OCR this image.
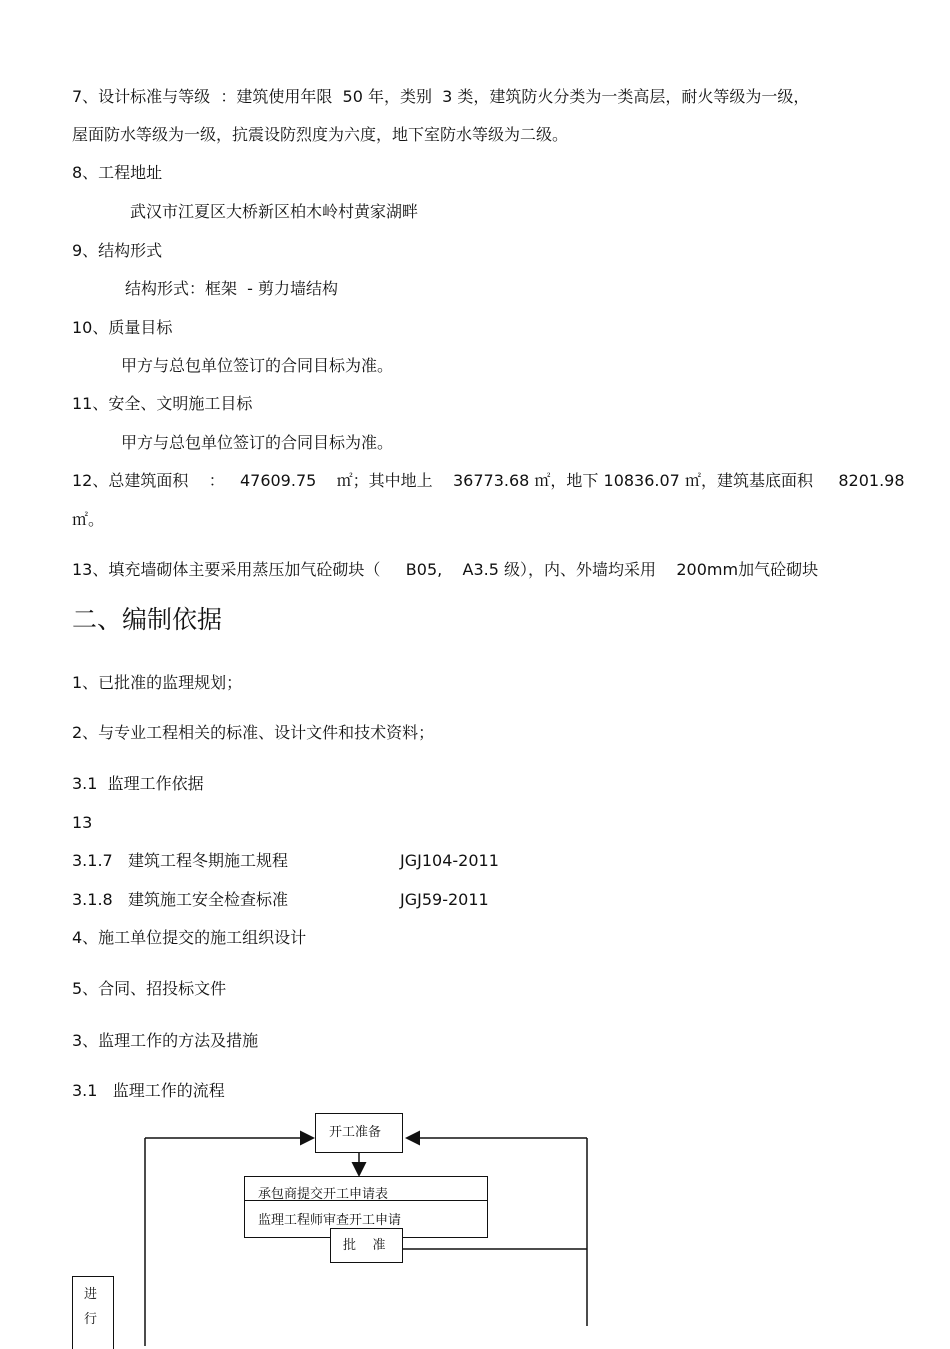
7、设计标准与等级  ：建筑使用年限  50 年，类别  3 类，建筑防火分类为一类高层，耐火等级为一级，
屋面防水等级为一级，抗震设防烈度为六度，地下室防水等级为二级。
8、工程地址
武汉市江夏区大桥新区柏木岭村黄家湖畔
9、结构形式
结构形式：框架  - 剪力墙结构
10、质量目标
甲方与总包单位签订的合同目标为准。
11、安全、文明施工目标
甲方与总包单位签订的合同目标为准。
12、总建筑面积    ：   47609.75    ㎡；其中地上    36773.68 ㎡，地下 10836.07 ㎡，建筑基底面积     8201.98
㎡。
13、填充墙砌体主要采用蒸压加气砼砌块（     B05,    A3.5 级），内、外墙均采用    200mm加气砼砌块
二、编制依据
1、已批准的监理规划；
2、与专业工程相关的标准、设计文件和技术资料；
3.1  监理工作依据
13
3.1.7   建筑工程冬期施工规程	JGJ104-2011
3.1.8   建筑施工安全检查标准	JGJ59-2011
4、施工单位提交的施工组织设计
5、合同、招投标文件
3、监理工作的方法及措施
3.1   监理工作的流程
开工准备
承包商提交开工申请表
监理工程师审查开工申请
批    准
进
行
